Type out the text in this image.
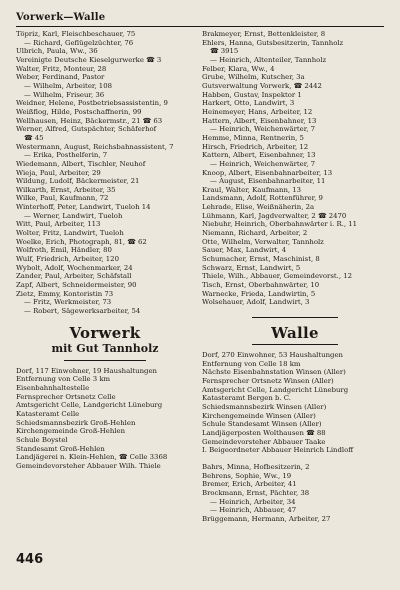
Vorwerk—Walle
Töpriz, Karl, Fleischbeschauer, 75
— Richard, Geflügelzüchter, 76
Ulbrich, Paula, Ww., 36
Vereinigte Deutsche Kieselgurwerke ☎ 3
Walter, Fritz, Monteur, 28
Weber, Ferdinand, Pastor
— Wilhelm, Arbeiter, 108
— Wilhelm, Friseur, 36
Weidner, Helene, Postbetriebsassistentin, 9
Weißflog, Hilde, Postschaffnerin, 99
Wellhausen, Heinz, Bäckermstr., 21 ☎ 63
Werner, Alfred, Gutspächter, Schäferhof
☎ 45
Westermann, August, Reichsbahnassistent, 7
— Erika, Posthelferin, 7
Wiedemann, Albert, Tischler, Neuhof
Wieja, Paul, Arbeiter, 29
Wildung, Ludolf, Bäckermeister, 21
Wilkarth, Ernst, Arbeiter, 35
Wilke, Paul, Kaufmann, 72
Winterhoff, Peter, Landwirt, Tueloh 14
— Werner, Landwirt, Tueloh
Witt, Paul, Arbeiter, 113
Wolter, Fritz, Landwirt, Tueloh
Woelke, Erich, Photograph, 81, ☎ 62
Wolfroth, Emil, Händler, 80
Wulf, Friedrich, Arbeiter, 120
Wybolt, Adolf, Wochenmarker, 24
Zander, Paul, Arbeiter, Schäfstall
Zapf, Albert, Schneidermeister, 90
Zietz, Emmy, Kontoristin 73
— Fritz, Werkmeister, 73
— Robert, Sägewerksarbeiter, 54
Vorwerk
mit Gut Tannholz
Dorf, 117 Einwohner, 19 Haushaltungen
Entfernung von Celle 3 km
Eisenbahnhaltestelle
Fernsprecher Ortsnetz Celle
Amtsgericht Celle, Landgericht Lüneburg
Katasteramt Celle
Schiedsmannsbezirk Groß-Hehlen
Kirchengemeinde Groß-Hehlen
Schule Boystel
Standesamt Groß-Hehlen
Landjägerei n. Klein-Hehlen, ☎ Celle 3368
Gemeindevorsteher Abbauer Wilh. Thiele
Brakmeyer, Ernst, Bettenkleister, 8
Ehlers, Hanna, Gutsbesitzerin, Tannholz
☎ 3915
— Heinrich, Altenteiler, Tannholz
Felber, Klara, Ww., 4
Grube, Wilhelm, Kutscher, 3a
Gutsverwaltung Vorwerk, ☎ 2442
Habben, Gustav, Inspektor 1
Harkert, Otto, Landwirt, 3
Heinemeyer, Hans, Arbeiter, 12
Hattern, Albert, Eisenbahner, 13
— Heinrich, Weichenwärter, 7
Hemme, Minna, Rentnerin, 5
Hirsch, Friedrich, Arbeiter, 12
Kattern, Albert, Eisenbahner, 13
— Heinrich, Weichenwärter, 7
Knoop, Albert, Eisenbahnarbeiter, 13
— August, Eisenbahnarbeiter, 11
Kraul, Walter, Kaufmann, 13
Landsmann, Adolf, Rottenführer, 9
Lehrade, Elise, Weißnäherin, 2a
Lühmann, Karl, Jagdverwalter, 2 ☎ 2470
Niebuhr, Heinrich, Oberbahnwärter i. R., 11
Niemann, Richard, Arbeiter, 2
Otte, Wilhelm, Verwalter, Tannholz
Sauer, Max, Landwirt, 4
Schumacher, Ernst, Maschinist, 8
Schwarz, Ernst, Landwirt, 5
Thiele, Wilh., Abbauer, Gemeindevorst., 12
Tisch, Ernst, Oberbahnwärter, 10
Warnecke, Frieda, Landwirtin, 5
Wolsehauer, Adolf, Landwirt, 3
Walle
Dorf, 270 Einwohner, 53 Haushaltungen
Entfernung von Celle 18 km
Nächste Eisenbahnstation Winsen (Aller)
Fernsprecher Ortsnetz Winsen (Aller)
Amtsgericht Celle, Landgericht Lüneburg
Katasteramt Bergen b. C.
Schiedsmannsbezirk Winsen (Aller)
Kirchengemeinde Winsen (Aller)
Schule Standesamt Winsen (Aller)
Landjägerposten Wolthausen ☎ 88
Gemeindevorsteher Abbauer Taake
I. Beigeordneter Abbauer Heinrich Lindloff
Bahrs, Minna, Hofbesitzerin, 2
Behrens, Sophie, Ww., 19
Bremer, Erich, Arbeiter, 41
Brockmann, Ernst, Pächter, 38
— Heinrich, Arbeiter, 34
— Heinrich, Abbauer, 47
Brüggemann, Hermann, Arbeiter, 27
446
